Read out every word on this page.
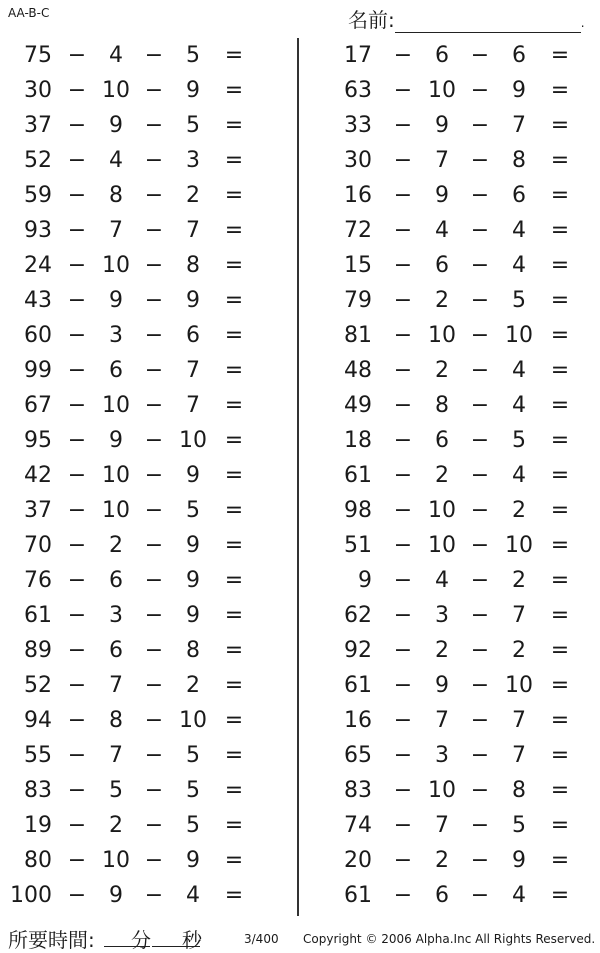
AA-B-C	名前:	.
75 −	4 −	5	=
30 − 10 −	9	=
37 −	9 −	5	=
52 −	4 −	3	=
59 −	8 −	2	=
93 −	7 −	7	=
24 − 10 −	8	=
43 −	9 −	9	=
60 −	3 −	6	=
99 −	6 −	7	=
67 − 10 −	7	=
95 −	9 − 10 =
42 − 10 −	9	=
37 − 10 −	5	=
70 −	2 −	9	=
76 −	6 −	9	=
61 −	3 −	9	=
89 −	6 −	8	=
52 −	7 −	2	=
94 −	8 − 10 =
55 −	7 −	5	=
83 −	5 −	5	=
19 −	2 −	5	=
80 − 10 −	9	=
100 −	9 −	4	=
17 −	6 −	6	=
63 − 10 −	9	=
33 −	9 −	7	=
30 −	7 −	8	=
16 −	9 −	6	=
72 −	4 −	4	=
15 −	6 −	4	=
79 −	2 −	5	=
81 − 10 − 10 =
48 −	2 −	4	=
49 −	8 −	4	=
18 −	6 −	5	=
61 −	2 −	4	=
98 − 10 −	2	=
51 − 10 − 10 =
9 −	4 −	2	=
62 −	3 −	7	=
92 −	2 −	2	=
61 −	9 − 10 =
16 −	7 −	7	=
65 −	3 −	7	=
83 − 10 −	8	=
74 −	7 −	5	=
20 −	2 −	9	=
61 −	6 −	4	=
所要時間: 分 秒	3/400 Copyright © 2006 Alpha.Inc All Rights Reserved.
